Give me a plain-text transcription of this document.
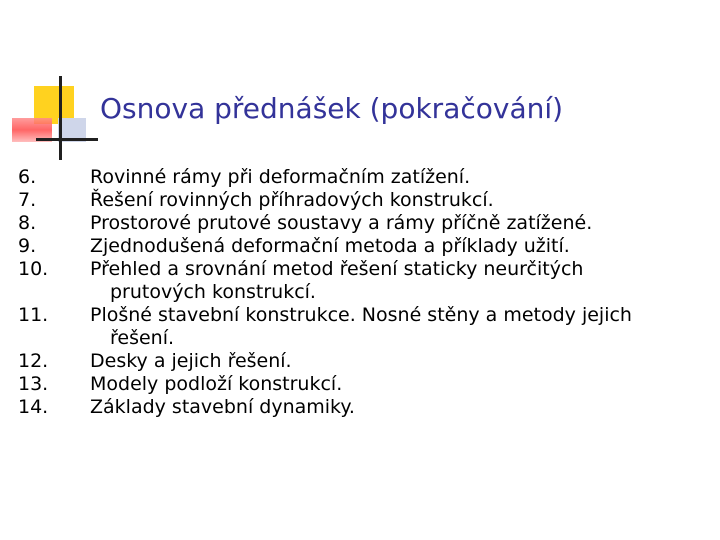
Osnova přednášek (pokračování)
6.	Rovinné rámy při deformačním zatížení.
7.	Řešení rovinných příhradových konstrukcí.
8.	Prostorové prutové soustavy a rámy příčně zatížené.
9.	Zjednodušená deformační metoda a příklady užití.
10.	Přehled a srovnání metod řešení staticky neurčitých
prutových konstrukcí.
11.	Plošné stavební konstrukce. Nosné stěny a metody jejich
řešení.
12.	Desky a jejich řešení.
13.	Modely podloží konstrukcí.
14.	Základy stavební dynamiky.
